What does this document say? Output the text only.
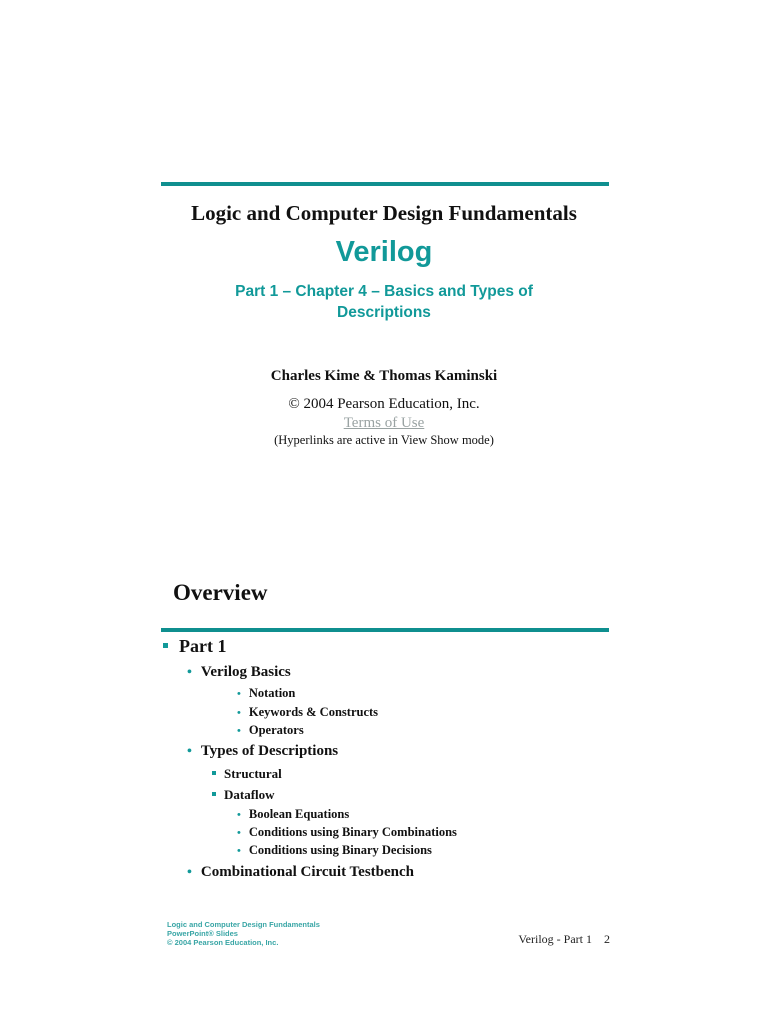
Logic and Computer Design Fundamentals
Verilog
Part 1 – Chapter 4 – Basics and Types of Descriptions
Charles Kime & Thomas Kaminski
© 2004 Pearson Education, Inc.
Terms of Use
(Hyperlinks are active in View Show mode)
Overview
Part 1
• Verilog Basics
• Notation
• Keywords & Constructs
• Operators
• Types of Descriptions
Structural
Dataflow
• Boolean Equations
• Conditions using Binary Combinations
• Conditions using Binary Decisions
• Combinational Circuit Testbench
Logic and Computer Design Fundamentals
PowerPoint® Slides
© 2004 Pearson Education, Inc.	Verilog - Part 1 2
